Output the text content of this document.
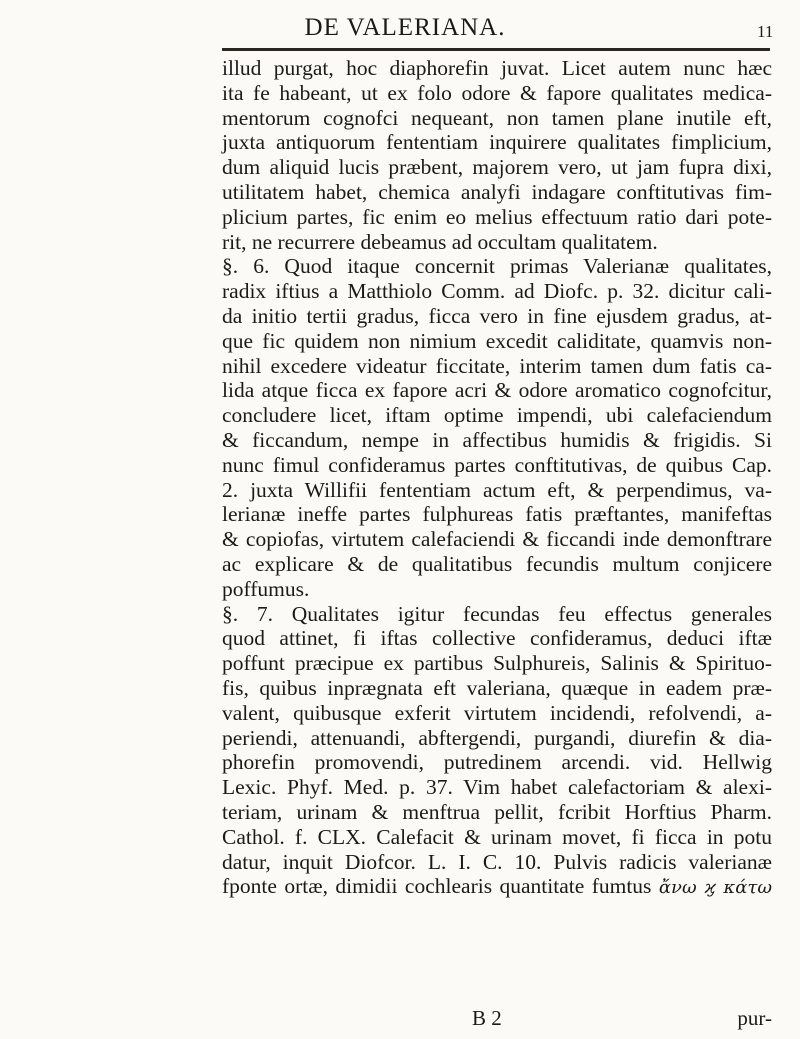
DE VALERIANA.	11
illud purgat, hoc diaphorefin juvat. Licet autem nunc hæc
ita fe habeant, ut ex folo odore & fapore qualitates medica-
mentorum cognofci nequeant, non tamen plane inutile eft,
juxta antiquorum fententiam inquirere qualitates fimplicium,
dum aliquid lucis præbent, majorem vero, ut jam fupra dixi,
utilitatem habet, chemica analyfi indagare conftitutivas fim-
plicium partes, fic enim eo melius effectuum ratio dari pote-
rit, ne recurrere debeamus ad occultam qualitatem.
§. 6. Quod itaque concernit primas Valerianæ qualitates,
radix iftius a Matthiolo Comm. ad Diofc. p. 32. dicitur cali-
da initio tertii gradus, ficca vero in fine ejusdem gradus, at-
que fic quidem non nimium excedit caliditate, quamvis non-
nihil excedere videatur ficcitate, interim tamen dum fatis ca-
lida atque ficca ex fapore acri & odore aromatico cognofcitur,
concludere licet, iftam optime impendi, ubi calefaciendum
& ficcandum, nempe in affectibus humidis & frigidis. Si
nunc fimul confideramus partes conftitutivas, de quibus Cap.
2. juxta Willifii fententiam actum eft, & perpendimus, va-
lerianæ ineffe partes fulphureas fatis præftantes, manifeftas
& copiofas, virtutem calefaciendi & ficcandi inde demonftrare
ac explicare & de qualitatibus fecundis multum conjicere
poffumus.
§. 7. Qualitates igitur fecundas feu effectus generales
quod attinet, fi iftas collective confideramus, deduci iftæ
poffunt præcipue ex partibus Sulphureis, Salinis & Spirituo-
fis, quibus inprægnata eft valeriana, quæque in eadem præ-
valent, quibusque exferit virtutem incidendi, refolvendi, a-
periendi, attenuandi, abftergendi, purgandi, diurefin & dia-
phorefin promovendi, putredinem arcendi. vid. Hellwig
Lexic. Phyf. Med. p. 37. Vim habet calefactoriam & alexi-
teriam, urinam & menftrua pellit, fcribit Horftius Pharm.
Cathol. f. CLX. Calefacit & urinam movet, fi ficca in potu
datur, inquit Diofcor. L. I. C. 10. Pulvis radicis valerianæ
fponte ortæ, dimidii cochlearis quantitate fumtus ἄνω ϗ κάτω
B 2	pur-
